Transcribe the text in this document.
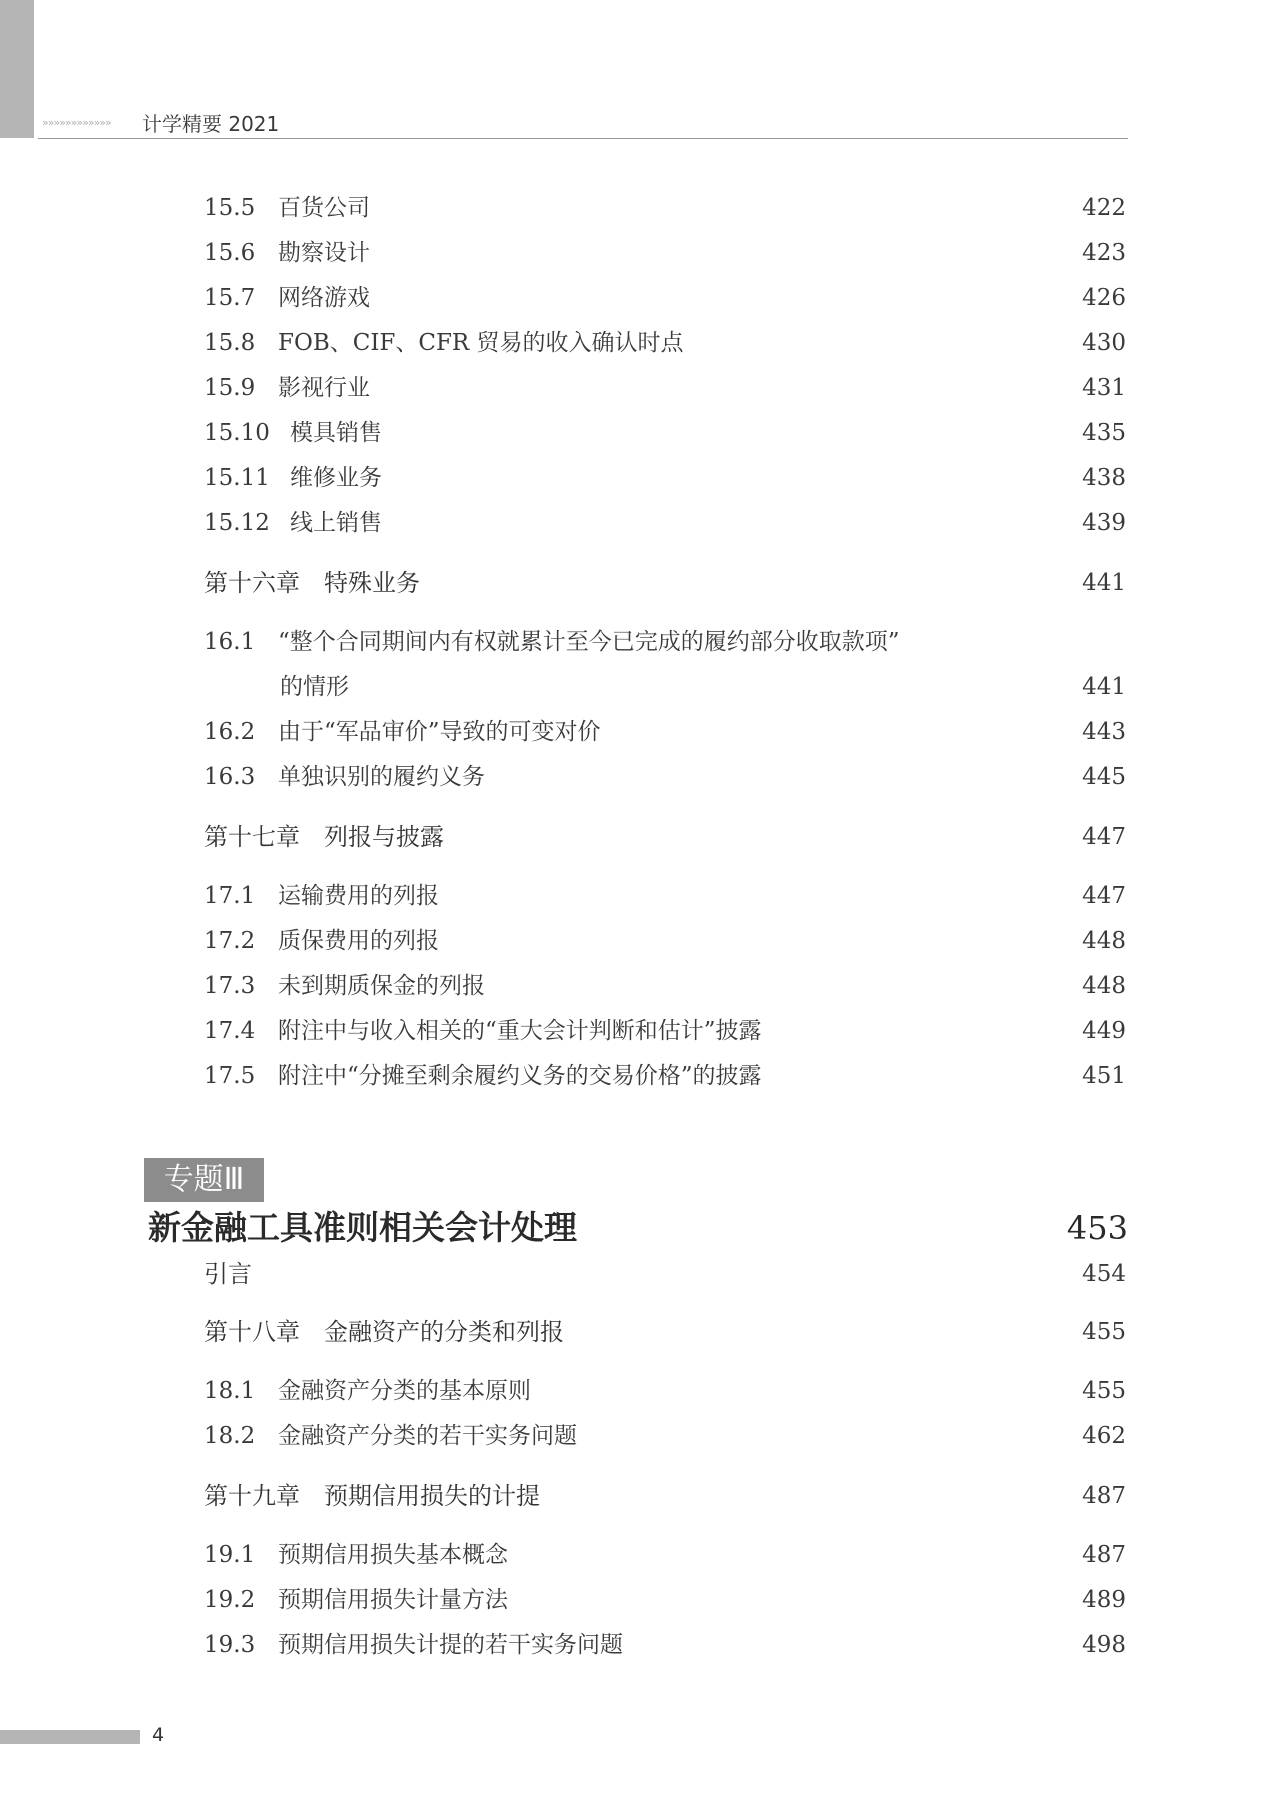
»»»»»»»»»»»» 计学精要 2021
15.5 百货公司	422
15.6 勘察设计	423
15.7 网络游戏	426
15.8 FOB、CIF、CFR 贸易的收入确认时点	430
15.9 影视行业	431
15.10 模具销售	435
15.11 维修业务	438
15.12 线上销售	439
第十六章　特殊业务	441
16.1 “整个合同期间内有权就累计至今已完成的履约部分收取款项”
的情形	441
16.2 由于“军品审价”导致的可变对价	443
16.3 单独识别的履约义务	445
第十七章　列报与披露	447
17.1 运输费用的列报	447
17.2 质保费用的列报	448
17.3 未到期质保金的列报	448
17.4 附注中与收入相关的“重大会计判断和估计”披露	449
17.5 附注中“分摊至剩余履约义务的交易价格”的披露	451
专题Ⅲ
新金融工具准则相关会计处理	453
引言	454
第十八章　金融资产的分类和列报	455
18.1 金融资产分类的基本原则	455
18.2 金融资产分类的若干实务问题	462
第十九章　预期信用损失的计提	487
19.1 预期信用损失基本概念	487
19.2 预期信用损失计量方法	489
19.3 预期信用损失计提的若干实务问题	498
4
